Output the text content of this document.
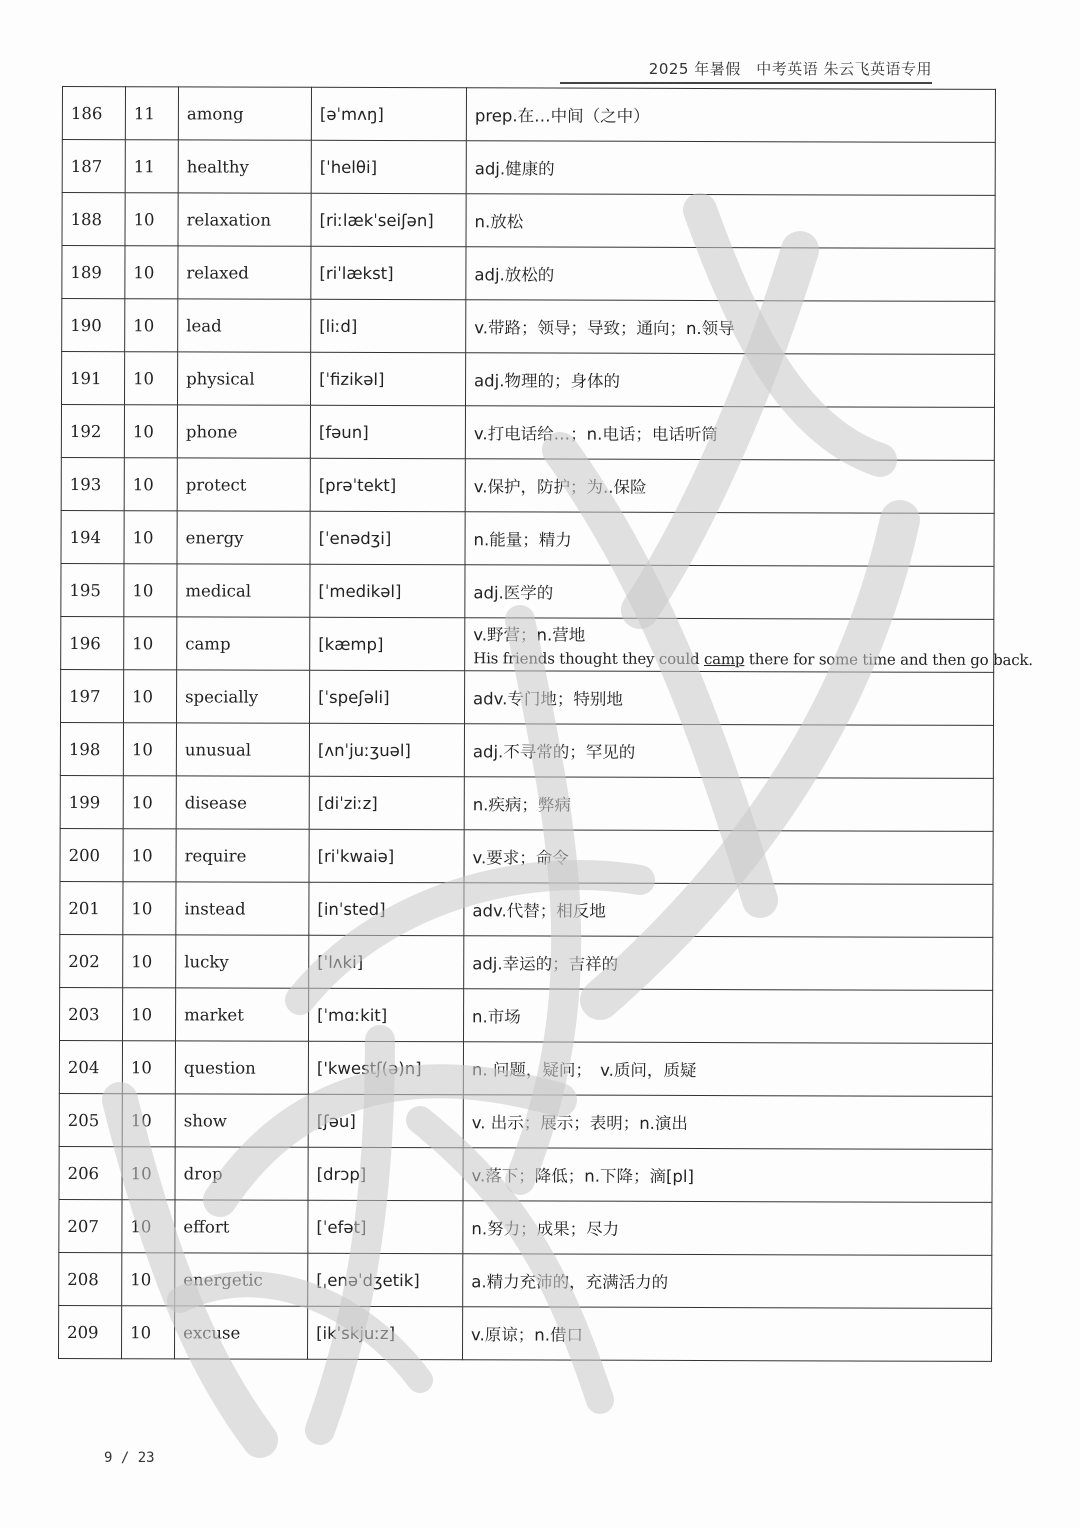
2025 年暑假　中考英语 朱云飞英语专用
186	11	among	[əˈmʌŋ]	prep.在…中间（之中）
187	11	healthy	[ˈhelθi]	adj.健康的
188	10	relaxation	[riːlækˈseiʃən]	n.放松
189	10	relaxed	[riˈlækst]	adj.放松的
190	10	lead	[liːd]	v.带路；领导；导致；通向；n.领导
191	10	physical	[ˈfizikəl]	adj.物理的；身体的
192	10	phone	[fəun]	v.打电话给…；n.电话；电话听筒
193	10	protect	[prəˈtekt]	v.保护，防护；为..保险
194	10	energy	[ˈenədʒi]	n.能量；精力
195	10	medical	[ˈmedikəl]	adj.医学的
196	10	camp	[kæmp]	v.野营；n.营地
His friends thought they could camp there for some time and then go back.

197	10	specially	[ˈspeʃəli]	adv.专门地；特别地
198	10	unusual	[ʌnˈjuːʒuəl]	adj.不寻常的；罕见的
199	10	disease	[diˈziːz]	n.疾病；弊病
200	10	require	[riˈkwaiə]	v.要求；命令
201	10	instead	[inˈsted]	adv.代替；相反地
202	10	lucky	[ˈlʌki]	adj.幸运的；吉祥的
203	10	market	[ˈmɑːkit]	n.市场
204	10	question	['kwestʃ(ə)n]	n. 问题，疑问；　v.质问，质疑
205	10	show	[ʃəu]	v. 出示；展示；表明；n.演出
206	10	drop	[drɔp]	v.落下；降低；n.下降；滴[pl]
207	10	effort	[ˈefət]	n.努力；成果；尽力
208	10	energetic	[ˌenəˈdʒetik]	a.精力充沛的，充满活力的
209	10	excuse	[ikˈskjuːz]	v.原谅；n.借口
9 / 23
